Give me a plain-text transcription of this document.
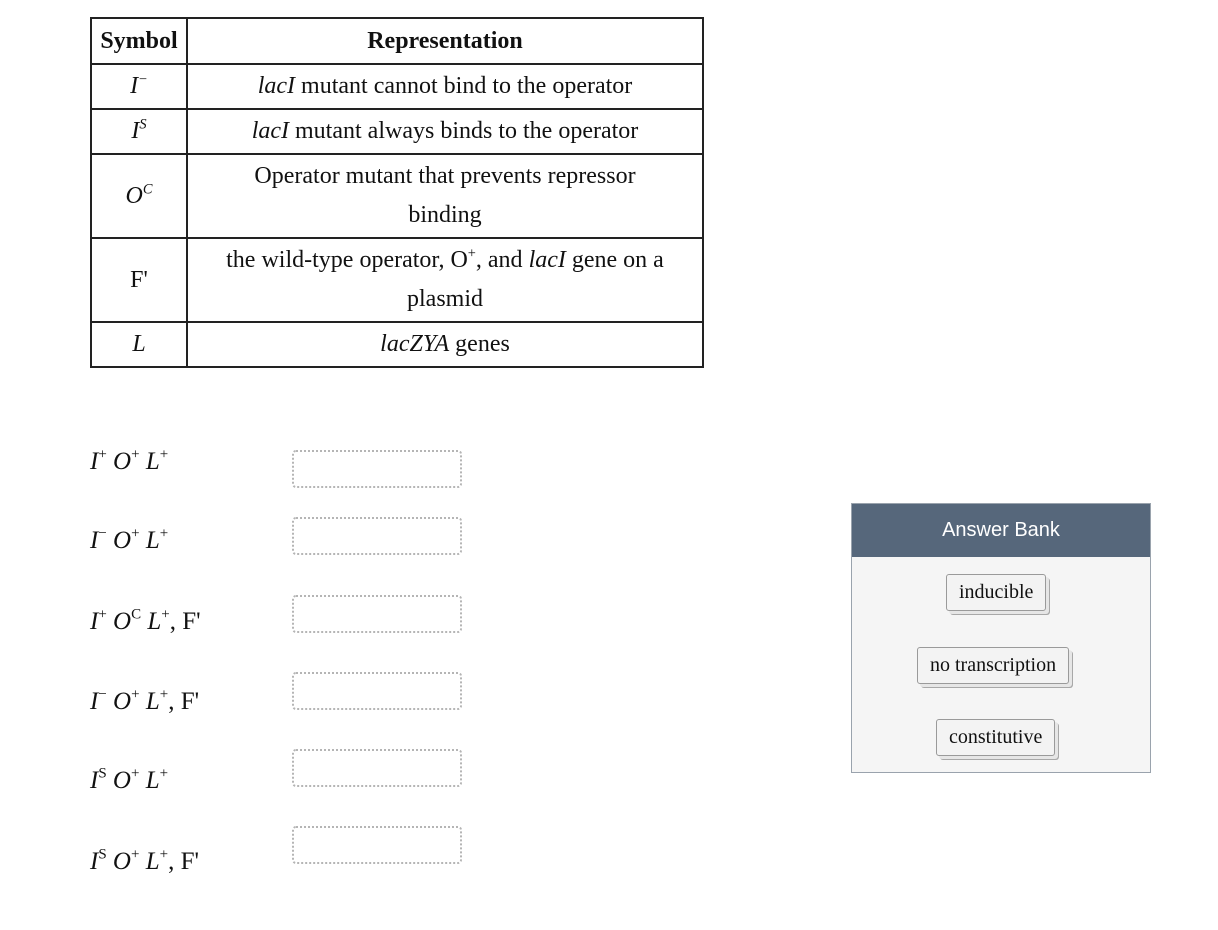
Symbol	Representation
I−	lacI mutant cannot bind to the operator
$I^S$	lacI mutant always binds to the operator
$O^C$	Operator mutant that prevents repressor binding
F'	the wild-type operator, O+, and lacI gene on a plasmid
L	lacZYA genes
I+ O+ L+
I− O+ L+
I+ $O^C$ L+, F'
I− O+ L+, F'
$I^S$ O+ L+
$I^S$ O+ L+, F'
Answer Bank
inducible
no transcription
constitutive
